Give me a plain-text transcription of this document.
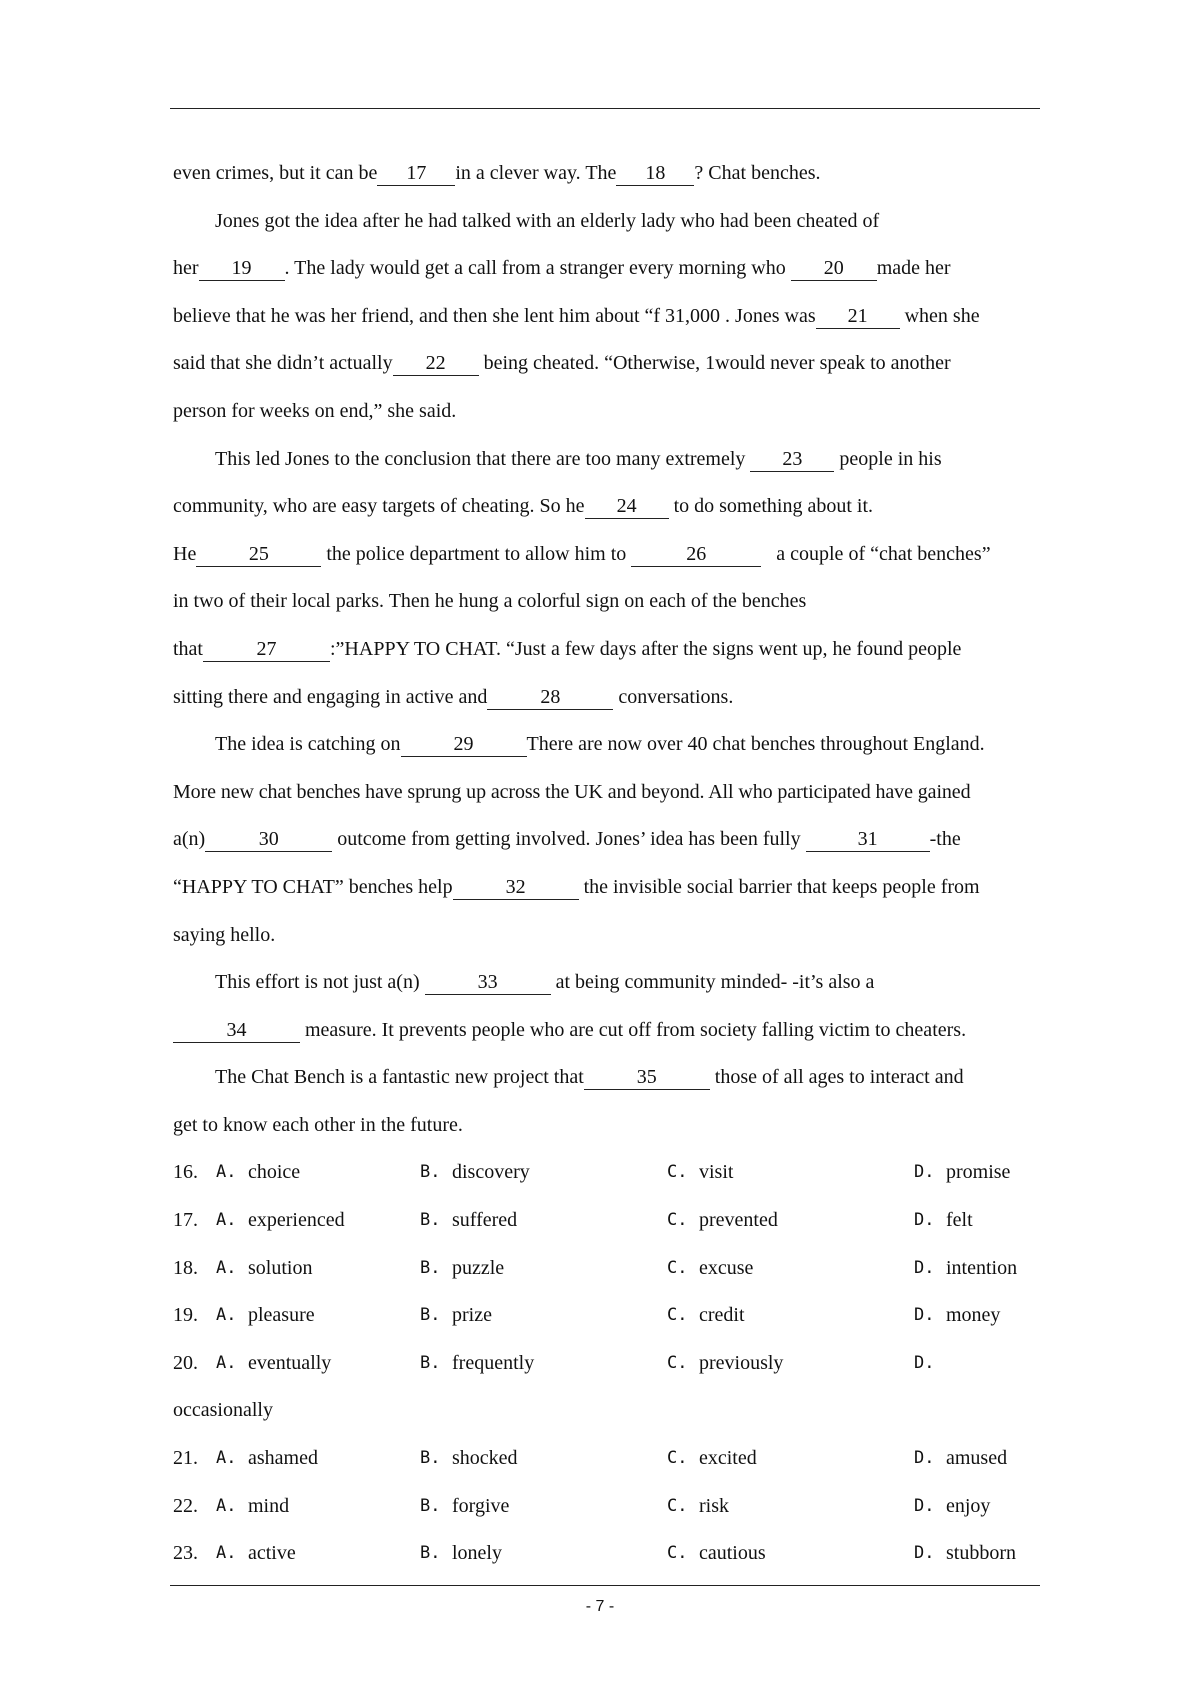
even crimes, but it can be 17 in a clever way. The 18 ? Chat benches.
Jones got the idea after he had talked with an elderly lady who had been cheated of
her 19 . The lady would get a call from a stranger every morning who 20 made her
believe that he was her friend, and then she lent him about “f 31,000 . Jones was 21 when she
said that she didn’t actually 22 being cheated. “Otherwise, 1would never speak to another
person for weeks on end,” she said.
This led Jones to the conclusion that there are too many extremely 23 people in his
community, who are easy targets of cheating. So he 24 to do something about it.
He	25	the police department to allow him to	26	a couple of “chat benches”
in two of their local parks. Then he hung a colorful sign on each of the benches
that	27	:”HAPPY TO CHAT. “Just a few days after the signs went up, he found people
sitting there and engaging in active and	28	conversations.
The idea is catching on	29	There are now over 40 chat benches throughout England.
More new chat benches have sprung up across the UK and beyond. All who participated have gained
a(n)	30	outcome from getting involved. Jones’ idea has been fully	31	-the
“HAPPY TO CHAT” benches help	32	the invisible social barrier that keeps people from
saying hello.
This effort is not just a(n)	33	at being community minded- -it’s also a
34	measure. It prevents people who are cut off from society falling victim to cheaters.
The Chat Bench is a fantastic new project that	35	those of all ages to interact and
get to know each other in the future.
16.	A. choice	B. discovery	C. visit	D. promise
17.	A. experienced	B. suffered	C. prevented	D. felt
18.	A. solution	B. puzzle	C. excuse	D. intention
19.	A. pleasure	B. prize	C. credit	D. money
20.	A. eventually	B. frequently	C. previously	D.
occasionally
21.	A. ashamed	B. shocked	C. excited	D. amused
22.	A. mind	B. forgive	C. risk	D. enjoy
23.	A. active	B. lonely	C. cautious	D. stubborn
- 7 -
